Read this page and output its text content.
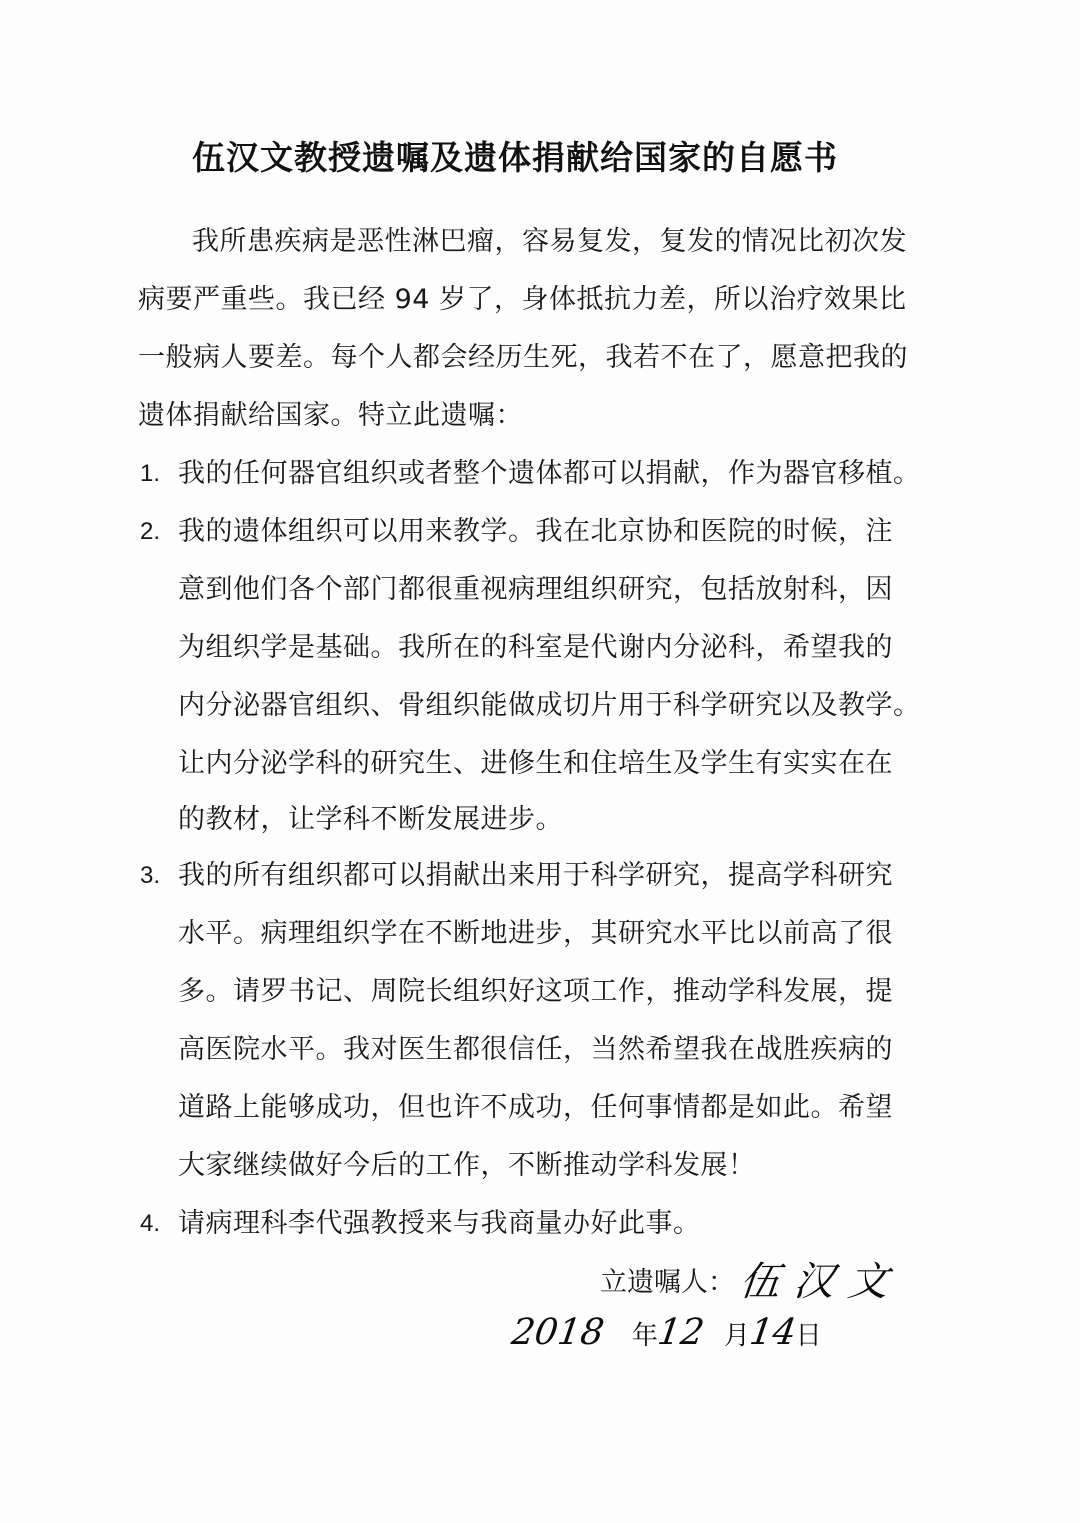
伍汉文教授遗嘱及遗体捐献给国家的自愿书
我所患疾病是恶性淋巴瘤，容易复发，复发的情况比初次发
病要严重些。我已经 94 岁了，身体抵抗力差，所以治疗效果比
一般病人要差。每个人都会经历生死，我若不在了，愿意把我的
遗体捐献给国家。特立此遗嘱：
1. 我的任何器官组织或者整个遗体都可以捐献，作为器官移植。
2. 我的遗体组织可以用来教学。我在北京协和医院的时候，注
意到他们各个部门都很重视病理组织研究，包括放射科，因
为组织学是基础。我所在的科室是代谢内分泌科，希望我的
内分泌器官组织、骨组织能做成切片用于科学研究以及教学。
让内分泌学科的研究生、进修生和住培生及学生有实实在在
的教材，让学科不断发展进步。
3. 我的所有组织都可以捐献出来用于科学研究，提高学科研究
水平。病理组织学在不断地进步，其研究水平比以前高了很
多。请罗书记、周院长组织好这项工作，推动学科发展，提
高医院水平。我对医生都很信任，当然希望我在战胜疾病的
道路上能够成功，但也许不成功，任何事情都是如此。希望
大家继续做好今后的工作，不断推动学科发展！
4. 请病理科李代强教授来与我商量办好此事。
立遗嘱人： 伍汉文
2018 年12 月14日
